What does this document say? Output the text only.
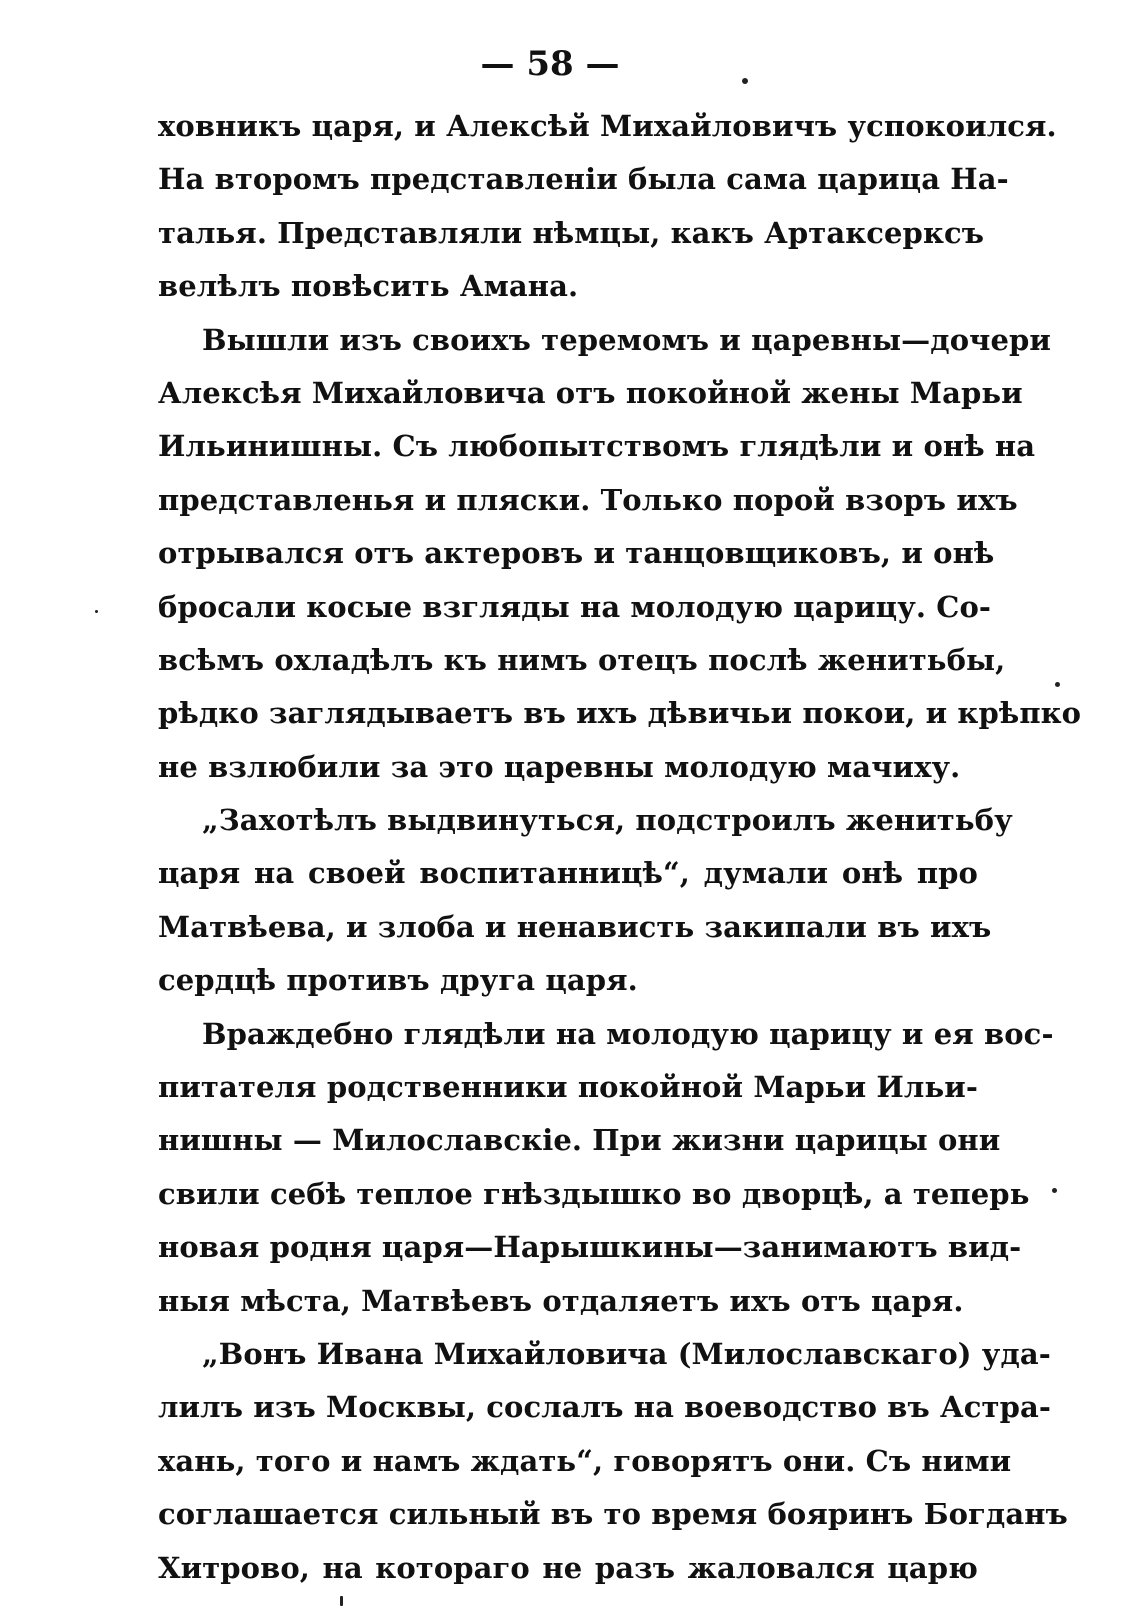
— 58 —
ховникъ царя, и Алексѣй Михайловичъ успокоился.
На второмъ представленіи была сама царица На-
талья. Представляли нѣмцы, какъ Артаксерксъ
велѣлъ повѣсить Амана.
Вышли изъ своихъ теремомъ и царевны—дочери
Алексѣя Михайловича отъ покойной жены Марьи
Ильинишны. Съ любопытствомъ глядѣли и онѣ на
представленья и пляски. Только порой взоръ ихъ
отрывался отъ актеровъ и танцовщиковъ, и онѣ
бросали косые взгляды на молодую царицу. Со-
всѣмъ охладѣлъ къ нимъ отецъ послѣ женитьбы,
рѣдко заглядываетъ въ ихъ дѣвичьи покои, и крѣпко
не взлюбили за это царевны молодую мачиху.
„Захотѣлъ выдвинуться, подстроилъ женитьбу
царя на своей воспитанницѣ“, думали онѣ про
Матвѣева, и злоба и ненависть закипали въ ихъ
сердцѣ противъ друга царя.
Враждебно глядѣли на молодую царицу и ея вос-
питателя родственники покойной Марьи Ильи-
нишны — Милославскіе. При жизни царицы они
свили себѣ теплое гнѣздышко во дворцѣ, а теперь
новая родня царя—Нарышкины—занимаютъ вид-
ныя мѣста, Матвѣевъ отдаляетъ ихъ отъ царя.
„Вонъ Ивана Михайловича (Милославскаго) уда-
лилъ изъ Москвы, сослалъ на воеводство въ Астра-
хань, того и намъ ждать“, говорятъ они. Съ ними
соглашается сильный въ то время бояринъ Богданъ
Хитрово, на котораго не разъ жаловался царю
